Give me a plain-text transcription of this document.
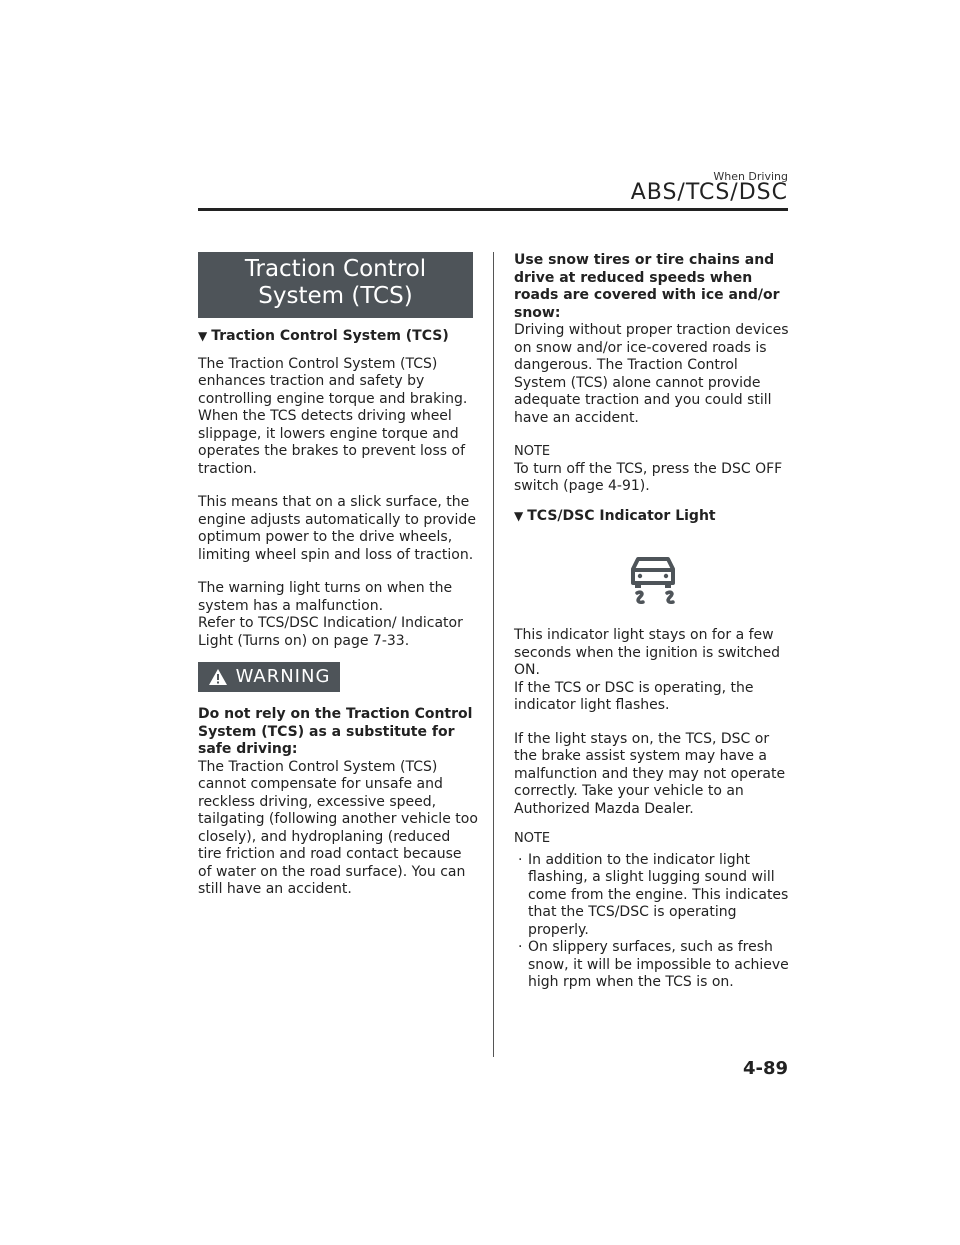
When Driving
ABS/TCS/DSC
Traction Control System (TCS)
▼ Traction Control System (TCS)

The Traction Control System (TCS) enhances traction and safety by controlling engine torque and braking. When the TCS detects driving wheel slippage, it lowers engine torque and operates the brakes to prevent loss of traction.

This means that on a slick surface, the engine adjusts automatically to provide optimum power to the drive wheels, limiting wheel spin and loss of traction.

The warning light turns on when the system has a malfunction.
Refer to TCS/DSC Indication/ Indicator Light (Turns on) on page 7-33.

WARNING
Do not rely on the Traction Control System (TCS) as a substitute for safe driving:
The Traction Control System (TCS) cannot compensate for unsafe and reckless driving, excessive speed, tailgating (following another vehicle too closely), and hydroplaning (reduced tire friction and road contact because of water on the road surface). You can still have an accident.
Use snow tires or tire chains and drive at reduced speeds when roads are covered with ice and/or snow:
Driving without proper traction devices on snow and/or ice-covered roads is dangerous. The Traction Control System (TCS) alone cannot provide adequate traction and you could still have an accident.
NOTE
To turn off the TCS, press the DSC OFF switch (page 4-91).
▼ TCS/DSC Indicator Light

This indicator light stays on for a few seconds when the ignition is switched ON.
If the TCS or DSC is operating, the indicator light flashes.

If the light stays on, the TCS, DSC or the brake assist system may have a malfunction and they may not operate correctly. Take your vehicle to an Authorized Mazda Dealer.

NOTE
· In addition to the indicator light flashing, a slight lugging sound will come from the engine. This indicates that the TCS/DSC is operating properly.
· On slippery surfaces, such as fresh snow, it will be impossible to achieve high rpm when the TCS is on.
4-89
